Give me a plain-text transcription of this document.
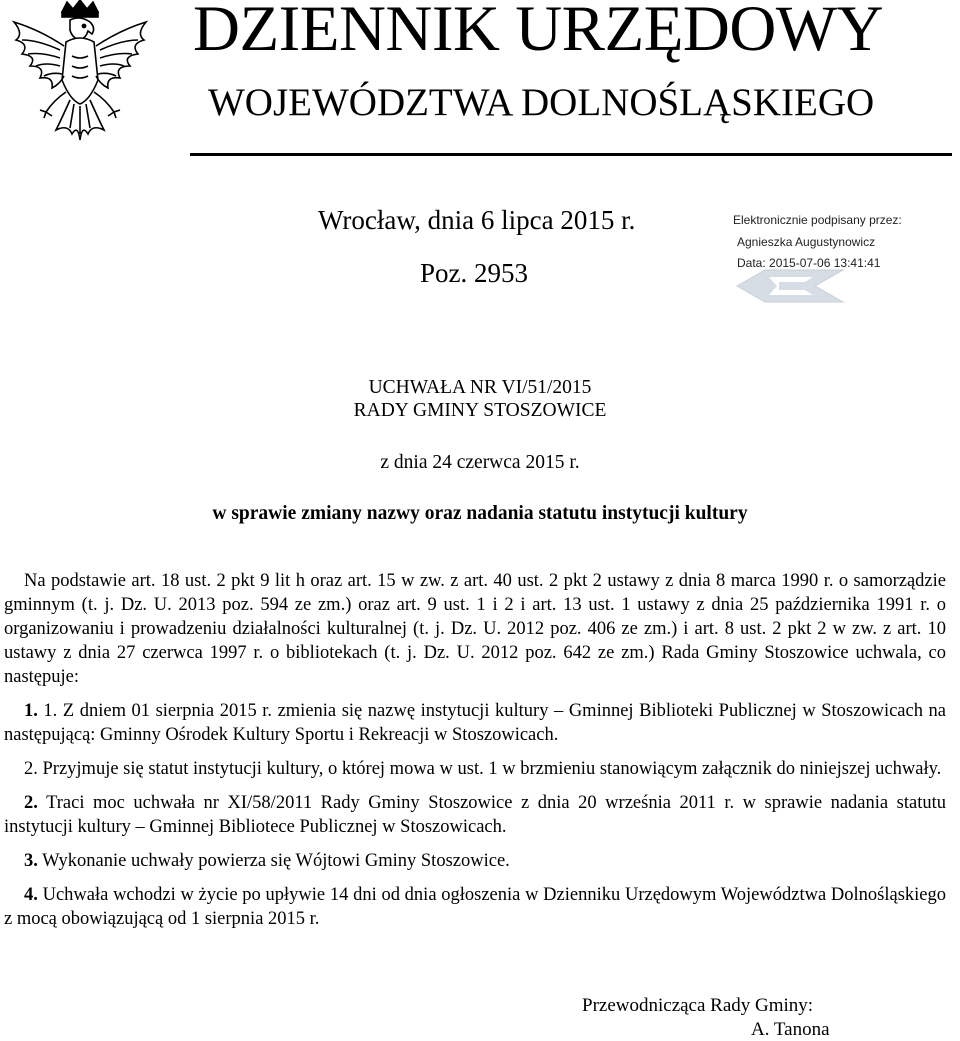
DZIENNIK URZĘDOWY
WOJEWÓDZTWA DOLNOŚLĄSKIEGO
Wrocław, dnia 6 lipca 2015 r.
Poz. 2953
Elektronicznie podpisany przez:
Agnieszka Augustynowicz
Data: 2015-07-06 13:41:41
UCHWAŁA NR VI/51/2015
RADY GMINY STOSZOWICE
z dnia 24 czerwca 2015 r.
w sprawie zmiany nazwy oraz nadania statutu instytucji kultury

Na podstawie art. 18 ust. 2 pkt 9 lit h oraz art. 15 w zw. z art. 40 ust. 2 pkt 2 ustawy z dnia 8 marca 1990 r. o samorządzie gminnym (t. j. Dz. U. 2013 poz. 594 ze zm.) oraz art. 9 ust. 1 i 2 i art. 13 ust. 1 ustawy z dnia 25 października 1991 r. o organizowaniu i prowadzeniu działalności kulturalnej (t. j. Dz. U. 2012 poz. 406 ze zm.) i art. 8 ust. 2 pkt 2 w zw. z art. 10 ustawy z dnia 27 czerwca 1997 r. o bibliotekach (t. j. Dz. U. 2012 poz. 642 ze zm.) Rada Gminy Stoszowice uchwala, co następuje:

1. 1. Z dniem 01 sierpnia 2015 r. zmienia się nazwę instytucji kultury – Gminnej Biblioteki Publicznej w Stoszowicach na następującą: Gminny Ośrodek Kultury Sportu i Rekreacji w Stoszowicach.

2. Przyjmuje się statut instytucji kultury, o której mowa w ust. 1 w brzmieniu stanowiącym załącznik do niniejszej uchwały.

2. Traci moc uchwała nr XI/58/2011 Rady Gminy Stoszowice z dnia 20 września 2011 r. w sprawie nadania statutu instytucji kultury – Gminnej Bibliotece Publicznej w Stoszowicach.

3. Wykonanie uchwały powierza się Wójtowi Gminy Stoszowice.

4. Uchwała wchodzi w życie po upływie 14 dni od dnia ogłoszenia w Dzienniku Urzędowym Województwa Dolnośląskiego z mocą obowiązującą od 1 sierpnia 2015 r.

Przewodnicząca Rady Gminy:
A. Tanona
